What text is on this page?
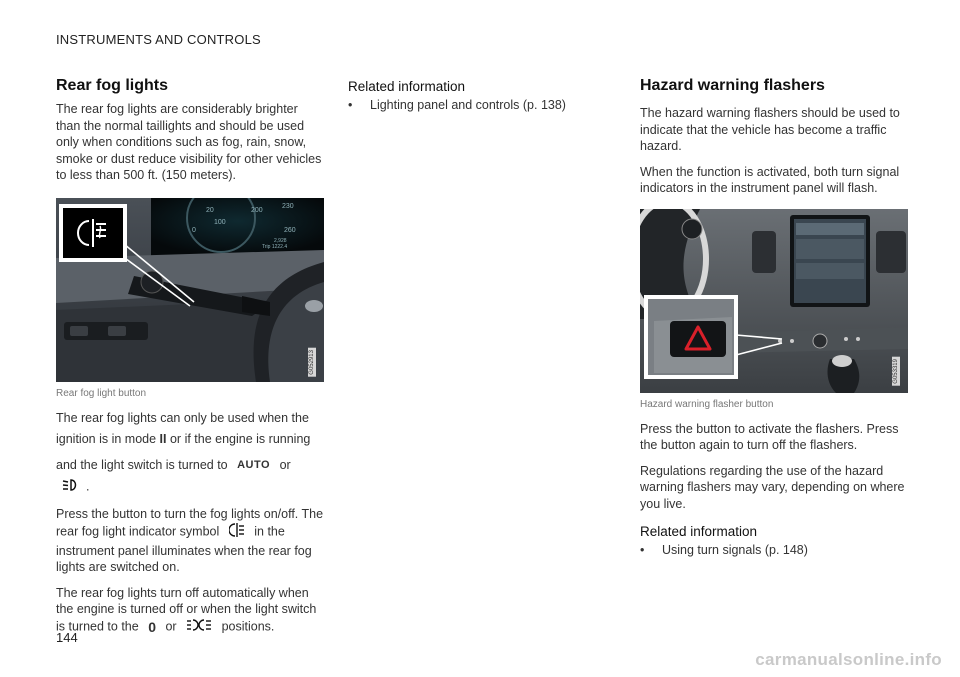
INSTRUMENTS AND CONTROLS
Rear fog lights

The rear fog lights are considerably brighter than the normal taillights and should be used only when conditions such as fog, rain, snow, smoke or dust reduce visibility for other vehicles to less than 500 ft. (150 meters).

20	200
100
230
260
0
2,928
Trip 1222.4
G052913
Rear fog light button

The rear fog lights can only be used when the ignition is in mode II or if the engine is running and the light switch is turned to AUTO or .

Press the button to turn the fog lights on/off. The rear fog light indicator symbol	in the instrument panel illuminates when the rear fog lights are switched on.

The rear fog lights turn off automatically when the engine is turned off or when the light switch is turned to the 0 or	positions.

Related information
•	Lighting panel and controls (p. 138)
Hazard warning flashers

The hazard warning flashers should be used to indicate that the vehicle has become a traffic hazard.

When the function is activated, both turn signal indicators in the instrument panel will flash.

G053319
Hazard warning flasher button

Press the button to activate the flashers. Press the button again to turn off the flashers.

Regulations regarding the use of the hazard warning flashers may vary, depending on where you live.

Related information
•	Using turn signals (p. 148)
144
carmanualsonline.info
